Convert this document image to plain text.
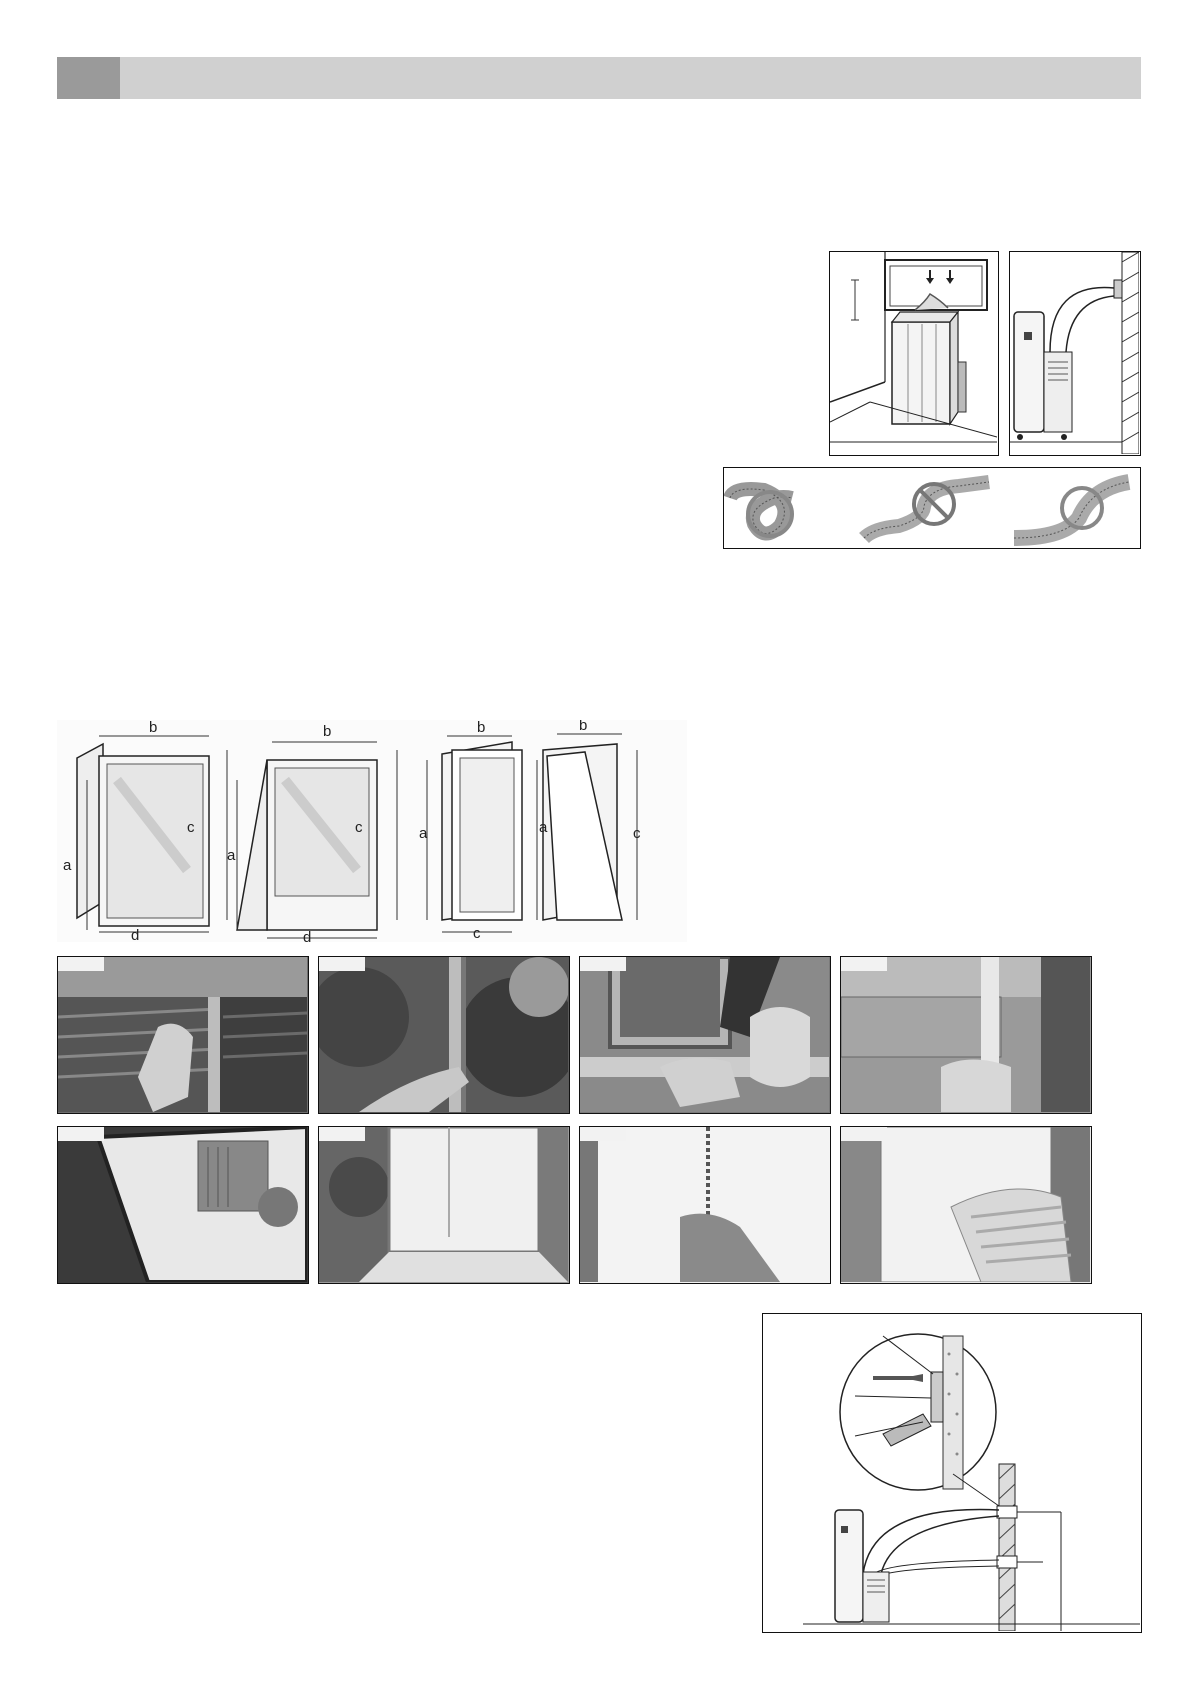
b
a
c
d
b
a
c
d
b
a
c
b
a	c
